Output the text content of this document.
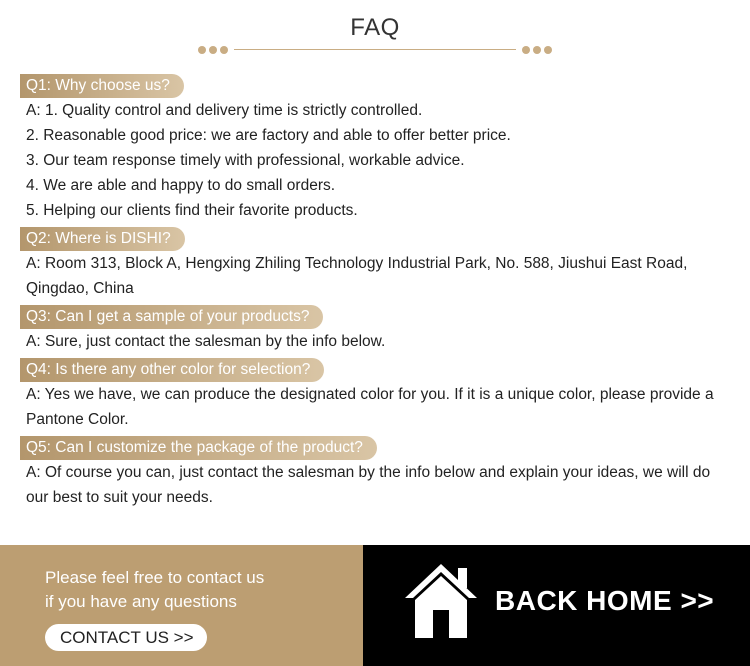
FAQ
Q1: Why choose us?

A: 1. Quality control and delivery time is strictly controlled.

2. Reasonable good price: we are factory and able to offer better price.

3. Our team response timely with professional, workable advice.

4. We are able and happy to do small orders.

5. Helping our clients find their favorite products.

Q2: Where is DISHI?

A: Room 313, Block A, Hengxing Zhiling Technology Industrial Park, No. 588, Jiushui East Road,

Qingdao, China

Q3: Can I get a sample of your products?

A: Sure, just contact the salesman by the info below.

Q4: Is there any other color for selection?

A: Yes we have, we can produce the designated color for you. If it is a unique color, please provide a

Pantone Color.

Q5: Can I customize the package of the product?

A: Of course you can, just contact the salesman by the info below and explain your ideas, we will do

our best to suit your needs.

Please feel free to contact us
if you have any questions
CONTACT US >>
BACK HOME >>
